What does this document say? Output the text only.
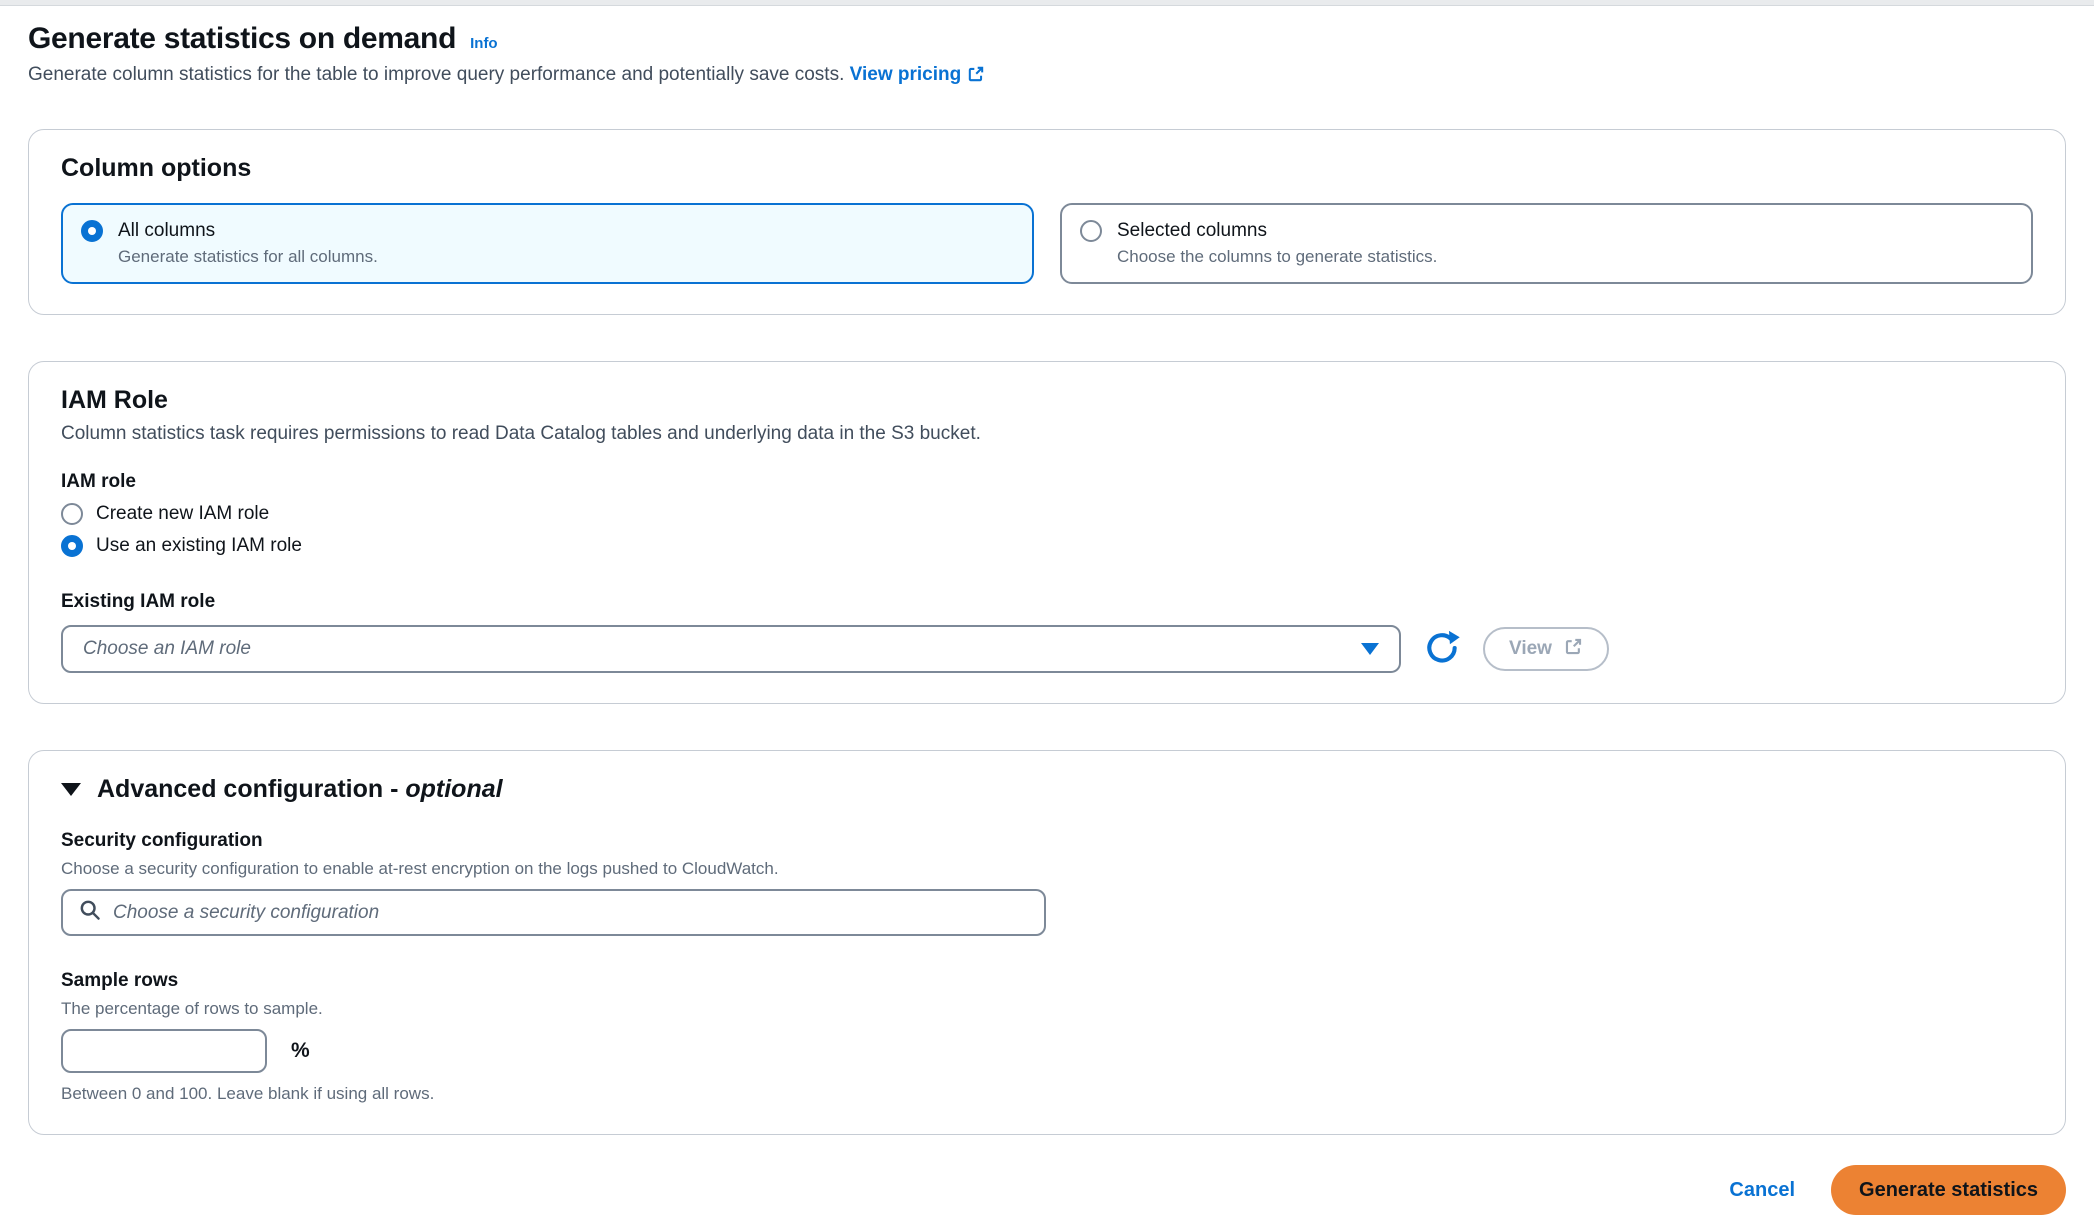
Generate statistics on demand Info
Generate column statistics for the table to improve query performance and potentially save costs. View pricing
Column options
All columns
Generate statistics for all columns.
Selected columns
Choose the columns to generate statistics.
IAM Role
Column statistics task requires permissions to read Data Catalog tables and underlying data in the S3 bucket.
IAM role
Create new IAM role
Use an existing IAM role
Existing IAM role
Choose an IAM role	View
Advanced configuration - optional
Security configuration
Choose a security configuration to enable at-rest encryption on the logs pushed to CloudWatch.
Choose a security configuration
Sample rows
The percentage of rows to sample.
%
Between 0 and 100. Leave blank if using all rows.
Cancel	Generate statistics
